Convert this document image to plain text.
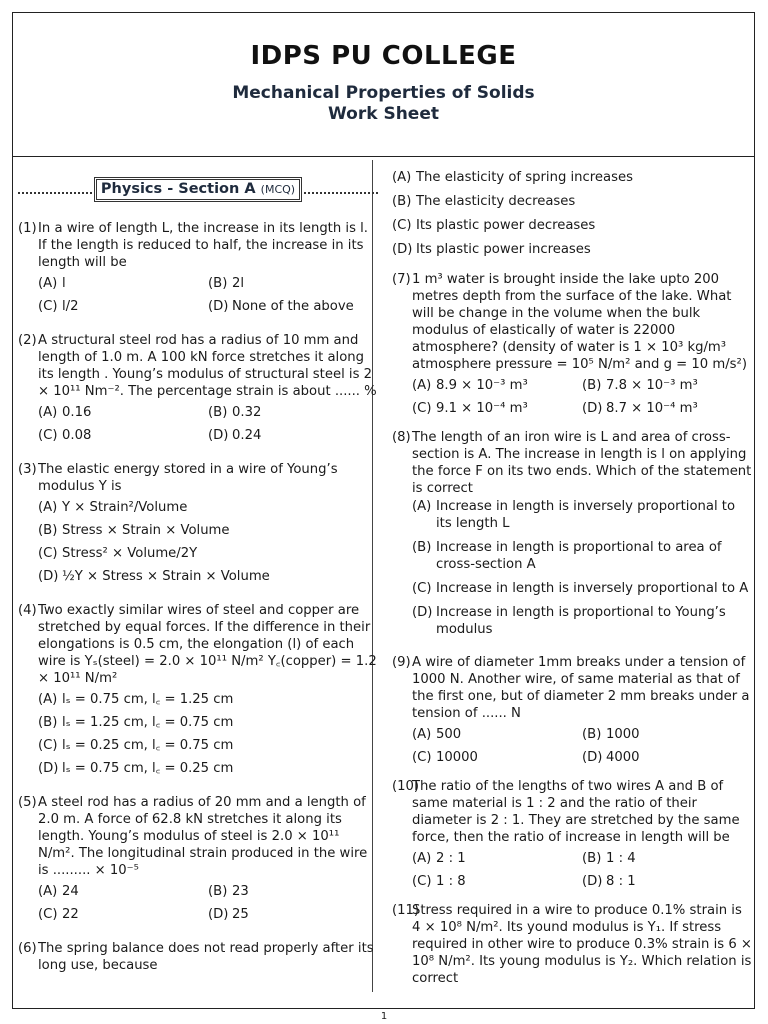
IDPS PU COLLEGE
Mechanical Properties of Solids
Work Sheet
Physics - Section A (MCQ)
(1) In a wire of length L, the increase in its length is l. If the length is reduced to half, the increase in its length will be
(A) l	(B) 2l
(C) l/2	(D) None of the above
(2) A structural steel rod has a radius of 10 mm and length of 1.0 m. A 100 kN force stretches it along its length . Young’s modulus of structural steel is 2 × 10¹¹ Nm⁻². The percentage strain is about ...... %
(A) 0.16	(B) 0.32
(C) 0.08	(D) 0.24
(3) The elastic energy stored in a wire of Young’s modulus Y is
(A) Y × Strain²/Volume
(B) Stress × Strain × Volume
(C) Stress² × Volume/2Y
(D) ½Y × Stress × Strain × Volume
(4) Two exactly similar wires of steel and copper are stretched by equal forces. If the difference in their elongations is 0.5 cm, the elongation (l) of each wire is Yₛ(steel) = 2.0 × 10¹¹ N/m² Y꜀(copper) = 1.2 × 10¹¹ N/m²
(A) lₛ = 0.75 cm, l꜀ = 1.25 cm
(B) lₛ = 1.25 cm, l꜀ = 0.75 cm
(C) lₛ = 0.25 cm, l꜀ = 0.75 cm
(D) lₛ = 0.75 cm, l꜀ = 0.25 cm
(5) A steel rod has a radius of 20 mm and a length of 2.0 m. A force of 62.8 kN stretches it along its length. Young’s modulus of steel is 2.0 × 10¹¹ N/m². The longitudinal strain produced in the wire is ......... × 10⁻⁵
(A) 24	(B) 23
(C) 22	(D) 25
(6) The spring balance does not read properly after its long use, because
(A) The elasticity of spring increases
(B) The elasticity decreases
(C) Its plastic power decreases
(D) Its plastic power increases
(7) 1 m³ water is brought inside the lake upto 200 metres depth from the surface of the lake. What will be change in the volume when the bulk modulus of elastically of water is 22000 atmosphere? (density of water is 1 × 10³ kg/m³ atmosphere pressure = 10⁵ N/m² and g = 10 m/s²)
(A) 8.9 × 10⁻³ m³	(B) 7.8 × 10⁻³ m³
(C) 9.1 × 10⁻⁴ m³	(D) 8.7 × 10⁻⁴ m³
(8) The length of an iron wire is L and area of cross-section is A. The increase in length is l on applying the force F on its two ends. Which of the statement is correct
(A) Increase in length is inversely proportional to its length L
(B) Increase in length is proportional to area of cross-section A
(C) Increase in length is inversely proportional to A
(D) Increase in length is proportional to Young’s modulus
(9) A wire of diameter 1mm breaks under a tension of 1000 N. Another wire, of same material as that of the first one, but of diameter 2 mm breaks under a tension of ...... N
(A) 500	(B) 1000
(C) 10000	(D) 4000
(10)
The ratio of the lengths of two wires A and B of same material is 1 : 2 and the ratio of their diameter is 2 : 1. They are stretched by the same force, then the ratio of increase in length will be
(A) 2 : 1	(B) 1 : 4
(C) 1 : 8	(D) 8 : 1
(11)
Stress required in a wire to produce 0.1% strain is 4 × 10⁸ N/m². Its yound modulus is Y₁. If stress required in other wire to produce 0.3% strain is 6 × 10⁸ N/m². Its young modulus is Y₂. Which relation is correct
1
